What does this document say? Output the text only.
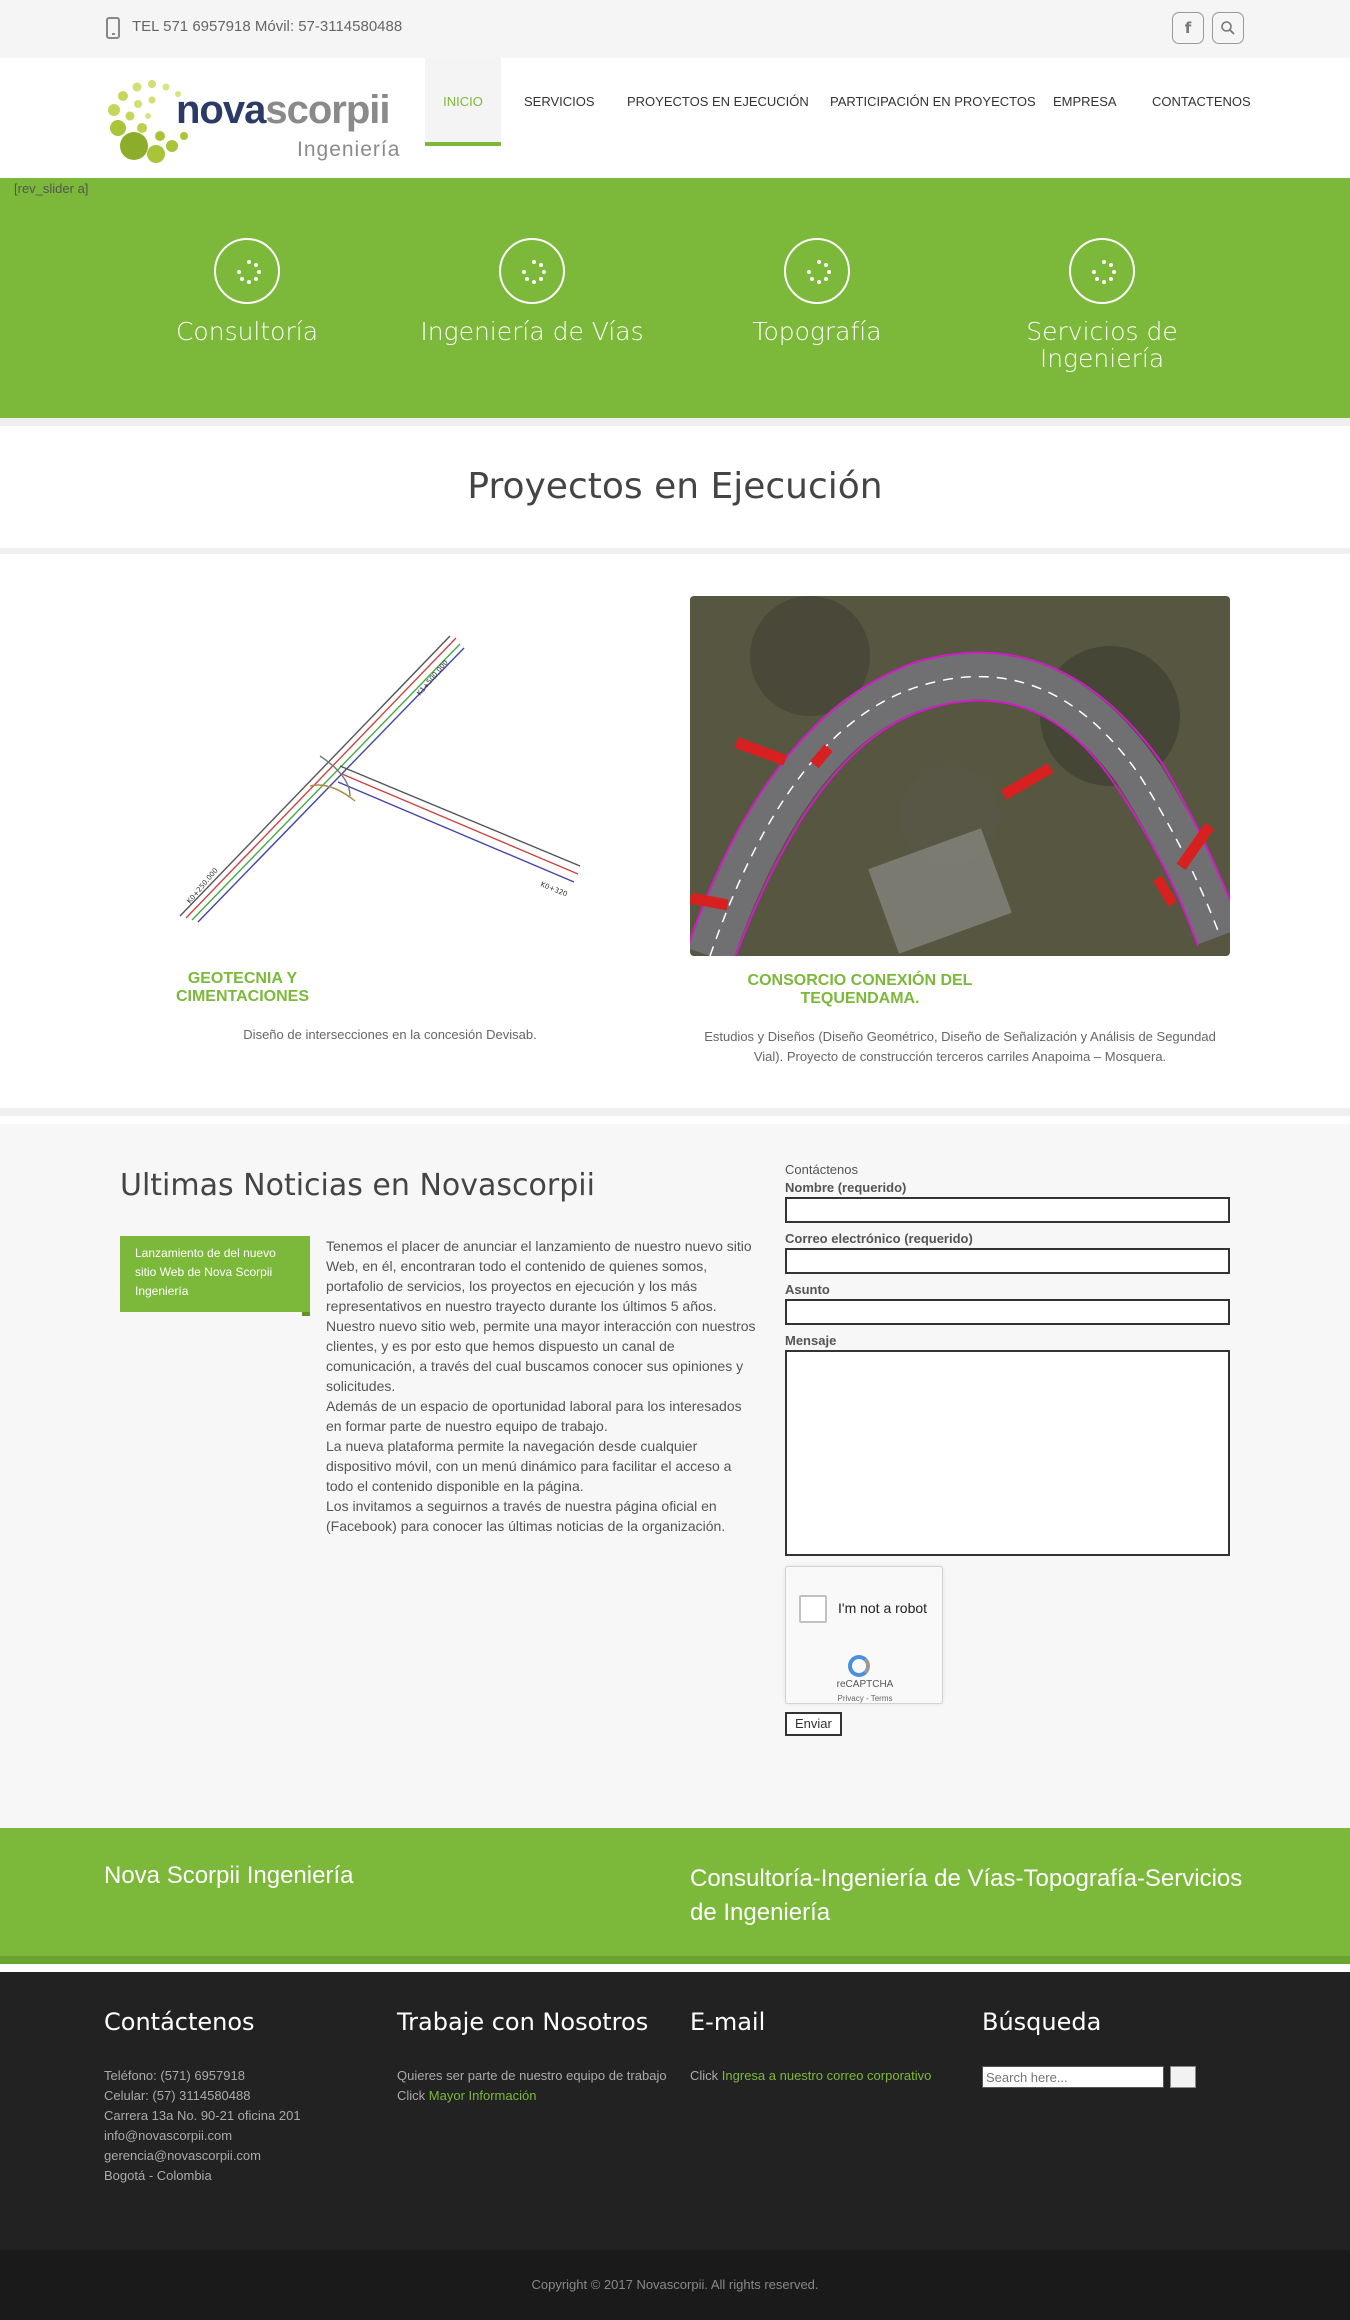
TEL 571 6957918 Móvil: 57-3114580488	f
novascorpii
Ingeniería
INICIO	SERVICIOS PROYECTOS EN EJECUCIÓN PARTICIPACIÓN EN PROYECTOS EMPRESA	CONTACTENOS
Consultoría	Ingeniería de Vías	Topografía	Servicios de Ingeniería
[rev_slider a]
Proyectos en Ejecución
K0+250.000
K1+500.000
K0+320
GEOTECNIA Y CIMENTACIONES
Diseño de intersecciones en la concesión Devisab.
CONSORCIO CONEXIÓN DEL TEQUENDAMA.
Estudios y Diseños (Diseño Geométrico, Diseño de Señalización y Análisis de Segundad Vial). Proyecto de construcción terceros carriles Anapoima – Mosquera.
Ultimas Noticias en Novascorpii
Lanzamiento de del nuevo sitio Web de Nova Scorpii Ingeniería

Tenemos el placer de anunciar el lanzamiento de nuestro nuevo sitio Web, en él, encontraran todo el contenido de quienes somos, portafolio de servicios, los proyectos en ejecución y los más representativos en nuestro trayecto durante los últimos 5 años.

Nuestro nuevo sitio web, permite una mayor interacción con nuestros clientes, y es por esto que hemos dispuesto un canal de comunicación, a través del cual buscamos conocer sus opiniones y solicitudes.

Además de un espacio de oportunidad laboral para los interesados en formar parte de nuestro equipo de trabajo.

La nueva plataforma permite la navegación desde cualquier dispositivo móvil, con un menú dinámico para facilitar el acceso a todo el contenido disponible en la página.

Los invitamos a seguirnos a través de nuestra página oficial en (Facebook) para conocer las últimas noticias de la organización.

Contáctenos
Nombre (requerido)
Correo electrónico (requerido)
Asunto
Mensaje
I'm not a robot
reCAPTCHA
Privacy - Terms
Enviar
Nova Scorpii Ingeniería	Consultoría-Ingeniería de Vías-Topografía-Servicios de Ingeniería
Contáctenos

Teléfono: (571) 6957918

Celular: (57) 3114580488

Carrera 13a No. 90-21 oficina 201

info@novascorpii.com

gerencia@novascorpii.com

Bogotá - Colombia

Trabaje con Nosotros

Quieres ser parte de nuestro equipo de trabajo

Click Mayor Información

E-mail

Click Ingresa a nuestro correo corporativo

Búsqueda
Search here...
Copyright © 2017 Novascorpii. All rights reserved.
